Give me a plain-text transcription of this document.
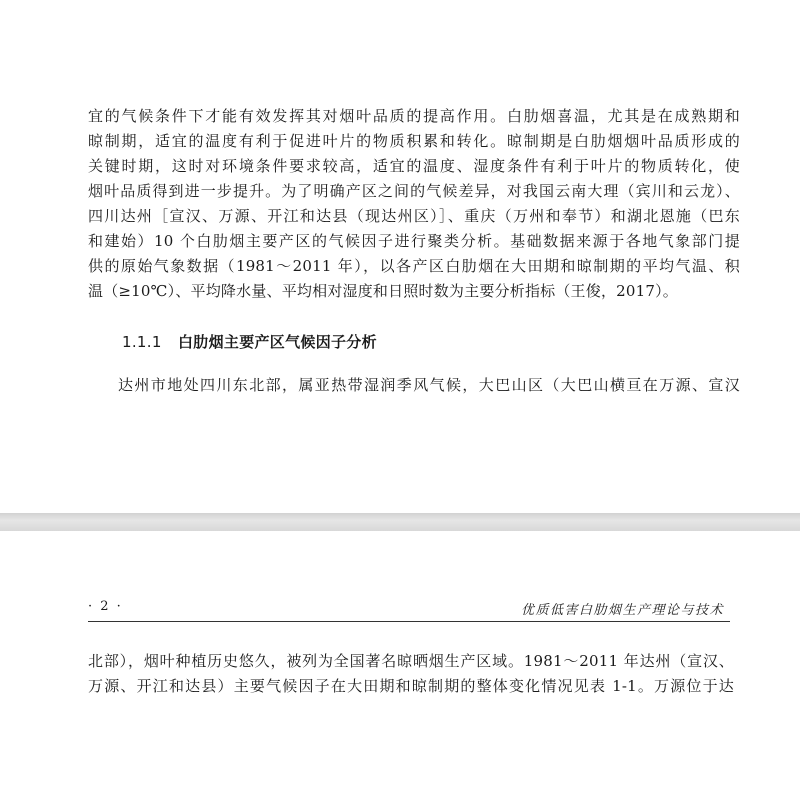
宜的气候条件下才能有效发挥其对烟叶品质的提高作用。白肋烟喜温，尤其是在成熟期和
晾制期，适宜的温度有利于促进叶片的物质积累和转化。晾制期是白肋烟烟叶品质形成的
关键时期，这时对环境条件要求较高，适宜的温度、湿度条件有利于叶片的物质转化，使
烟叶品质得到进一步提升。为了明确产区之间的气候差异，对我国云南大理（宾川和云龙）、
四川达州［宣汉、万源、开江和达县（现达州区）］、重庆（万州和奉节）和湖北恩施（巴东
和建始）10 个白肋烟主要产区的气候因子进行聚类分析。基础数据来源于各地气象部门提
供的原始气象数据（1981～2011 年），以各产区白肋烟在大田期和晾制期的平均气温、积
温（≥10℃）、平均降水量、平均相对湿度和日照时数为主要分析指标（王俊，2017）。
1.1.1 白肋烟主要产区气候因子分析
达州市地处四川东北部，属亚热带湿润季风气候，大巴山区（大巴山横亘在万源、宣汉
· 2 ·	优质低害白肋烟生产理论与技术
北部），烟叶种植历史悠久，被列为全国著名晾晒烟生产区域。1981～2011 年达州（宣汉、
万源、开江和达县）主要气候因子在大田期和晾制期的整体变化情况见表 1-1。万源位于达
